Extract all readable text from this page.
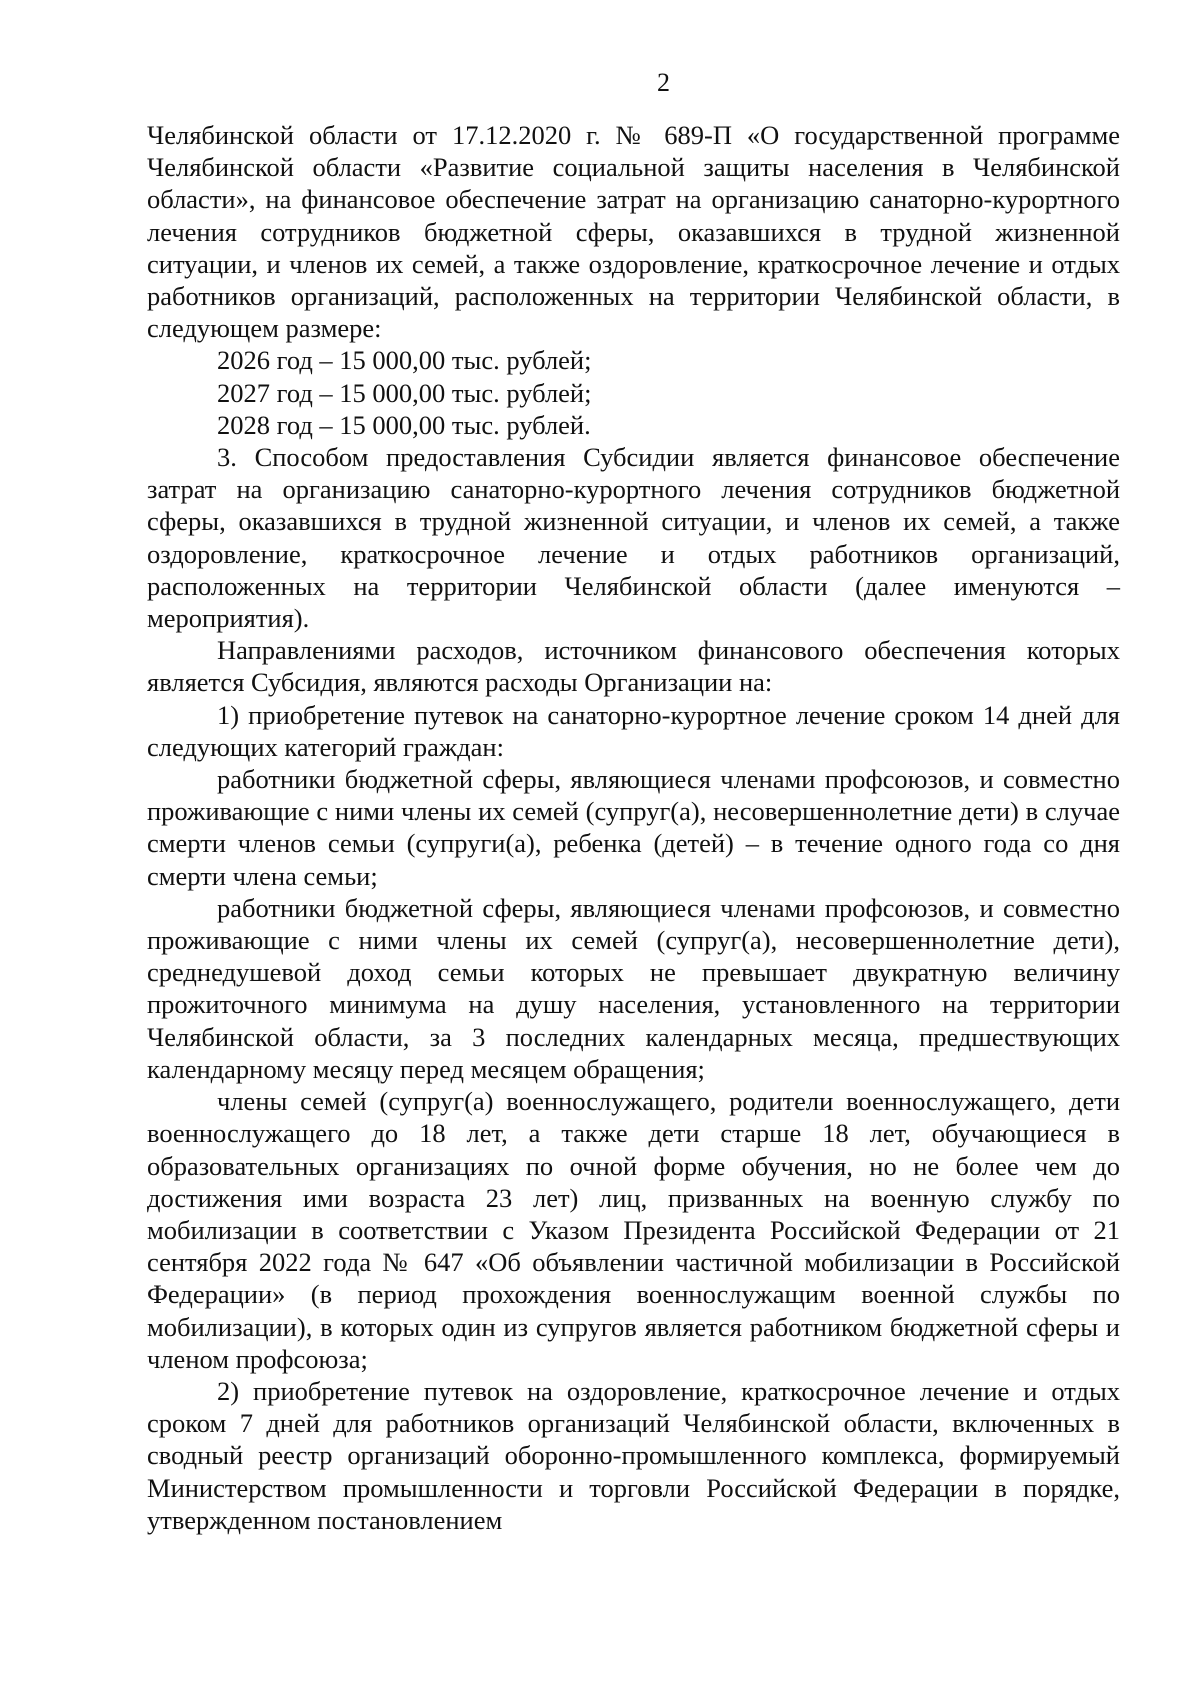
2

Челябинской области от 17.12.2020 г. № 689-П «О государственной программе Челябинской области «Развитие социальной защиты населения в Челябинской области», на финансовое обеспечение затрат на организацию санаторно-курортного лечения сотрудников бюджетной сферы, оказавшихся в трудной жизненной ситуации, и членов их семей, а также оздоровление, краткосрочное лечение и отдых работников организаций, расположенных на территории Челябинской области, в следующем размере:

2026 год – 15 000,00 тыс. рублей;

2027 год – 15 000,00 тыс. рублей;

2028 год – 15 000,00 тыс. рублей.

3. Способом предоставления Субсидии является финансовое обеспечение затрат на организацию санаторно-курортного лечения сотрудников бюджетной сферы, оказавшихся в трудной жизненной ситуации, и членов их семей, а также оздоровление, краткосрочное лечение и отдых работников организаций, расположенных на территории Челябинской области (далее именуются – мероприятия).

Направлениями расходов, источником финансового обеспечения которых является Субсидия, являются расходы Организации на:

1) приобретение путевок на санаторно-курортное лечение сроком 14 дней для следующих категорий граждан:

работники бюджетной сферы, являющиеся членами профсоюзов, и совместно проживающие с ними члены их семей (супруг(а), несовершеннолетние дети) в случае смерти членов семьи (супруги(а), ребенка (детей) – в течение одного года со дня смерти члена семьи;

работники бюджетной сферы, являющиеся членами профсоюзов, и совместно проживающие с ними члены их семей (супруг(а), несовершеннолетние дети), среднедушевой доход семьи которых не превышает двукратную величину прожиточного минимума на душу населения, установленного на территории Челябинской области, за 3 последних календарных месяца, предшествующих календарному месяцу перед месяцем обращения;

члены семей (супруг(а) военнослужащего, родители военнослужащего, дети военнослужащего до 18 лет, а также дети старше 18 лет, обучающиеся в образовательных организациях по очной форме обучения, но не более чем до достижения ими возраста 23 лет) лиц, призванных на военную службу по мобилизации в соответствии с Указом Президента Российской Федерации от 21 сентября 2022 года № 647 «Об объявлении частичной мобилизации в Российской Федерации» (в период прохождения военнослужащим военной службы по мобилизации), в которых один из супругов является работником бюджетной сферы и членом профсоюза;

2) приобретение путевок на оздоровление, краткосрочное лечение и отдых сроком 7 дней для работников организаций Челябинской области, включенных в сводный реестр организаций оборонно-промышленного комплекса, формируемый Министерством промышленности и торговли Российской Федерации в порядке, утвержденном постановлением
